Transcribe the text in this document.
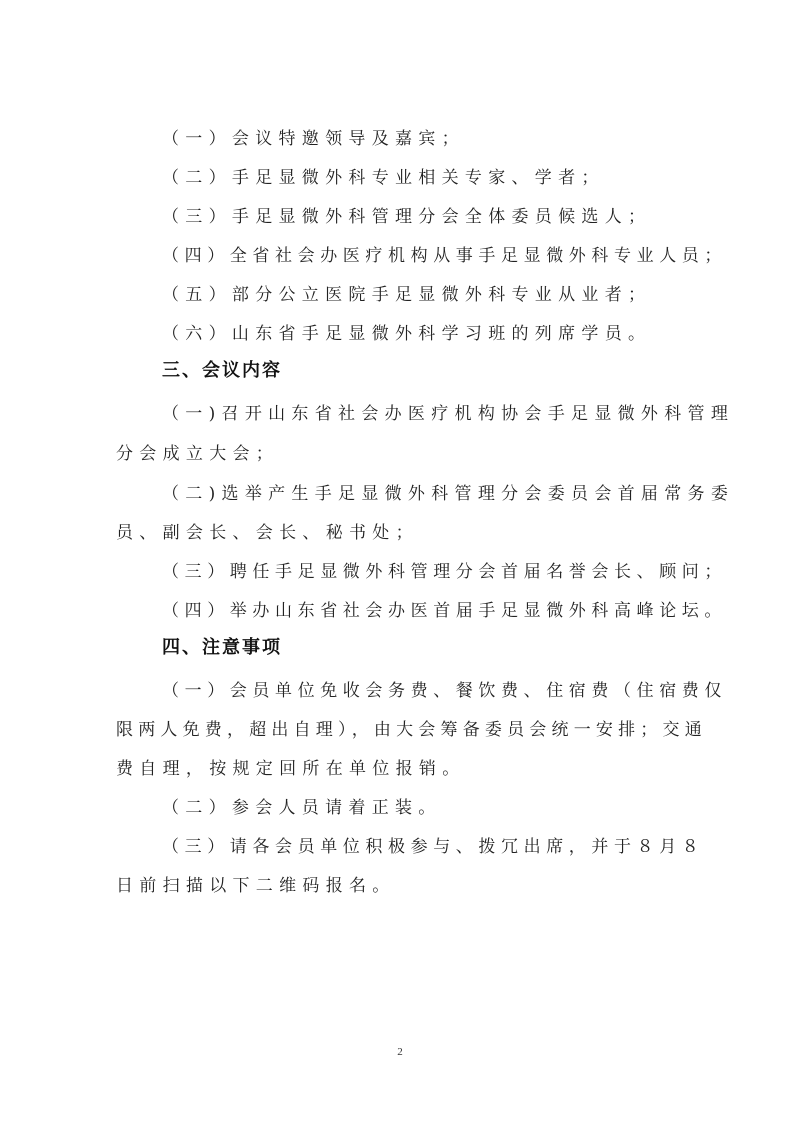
（一）会议特邀领导及嘉宾；
（二）手足显微外科专业相关专家、学者；
（三）手足显微外科管理分会全体委员候选人；
（四）全省社会办医疗机构从事手足显微外科专业人员；
（五）部分公立医院手足显微外科专业从业者；
（六）山东省手足显微外科学习班的列席学员。
三、会议内容
（一)召开山东省社会办医疗机构协会手足显微外科管理
分会成立大会；
（二)选举产生手足显微外科管理分会委员会首届常务委
员、副会长、会长、秘书处；
（三）聘任手足显微外科管理分会首届名誉会长、顾问；
（四）举办山东省社会办医首届手足显微外科高峰论坛。
四、注意事项
（一）会员单位免收会务费、餐饮费、住宿费（住宿费仅
限两人免费，超出自理），由大会筹备委员会统一安排；交通
费自理，按规定回所在单位报销。
（二）参会人员请着正装。
（三）请各会员单位积极参与、拨冗出席，并于８月８
日前扫描以下二维码报名。
2
